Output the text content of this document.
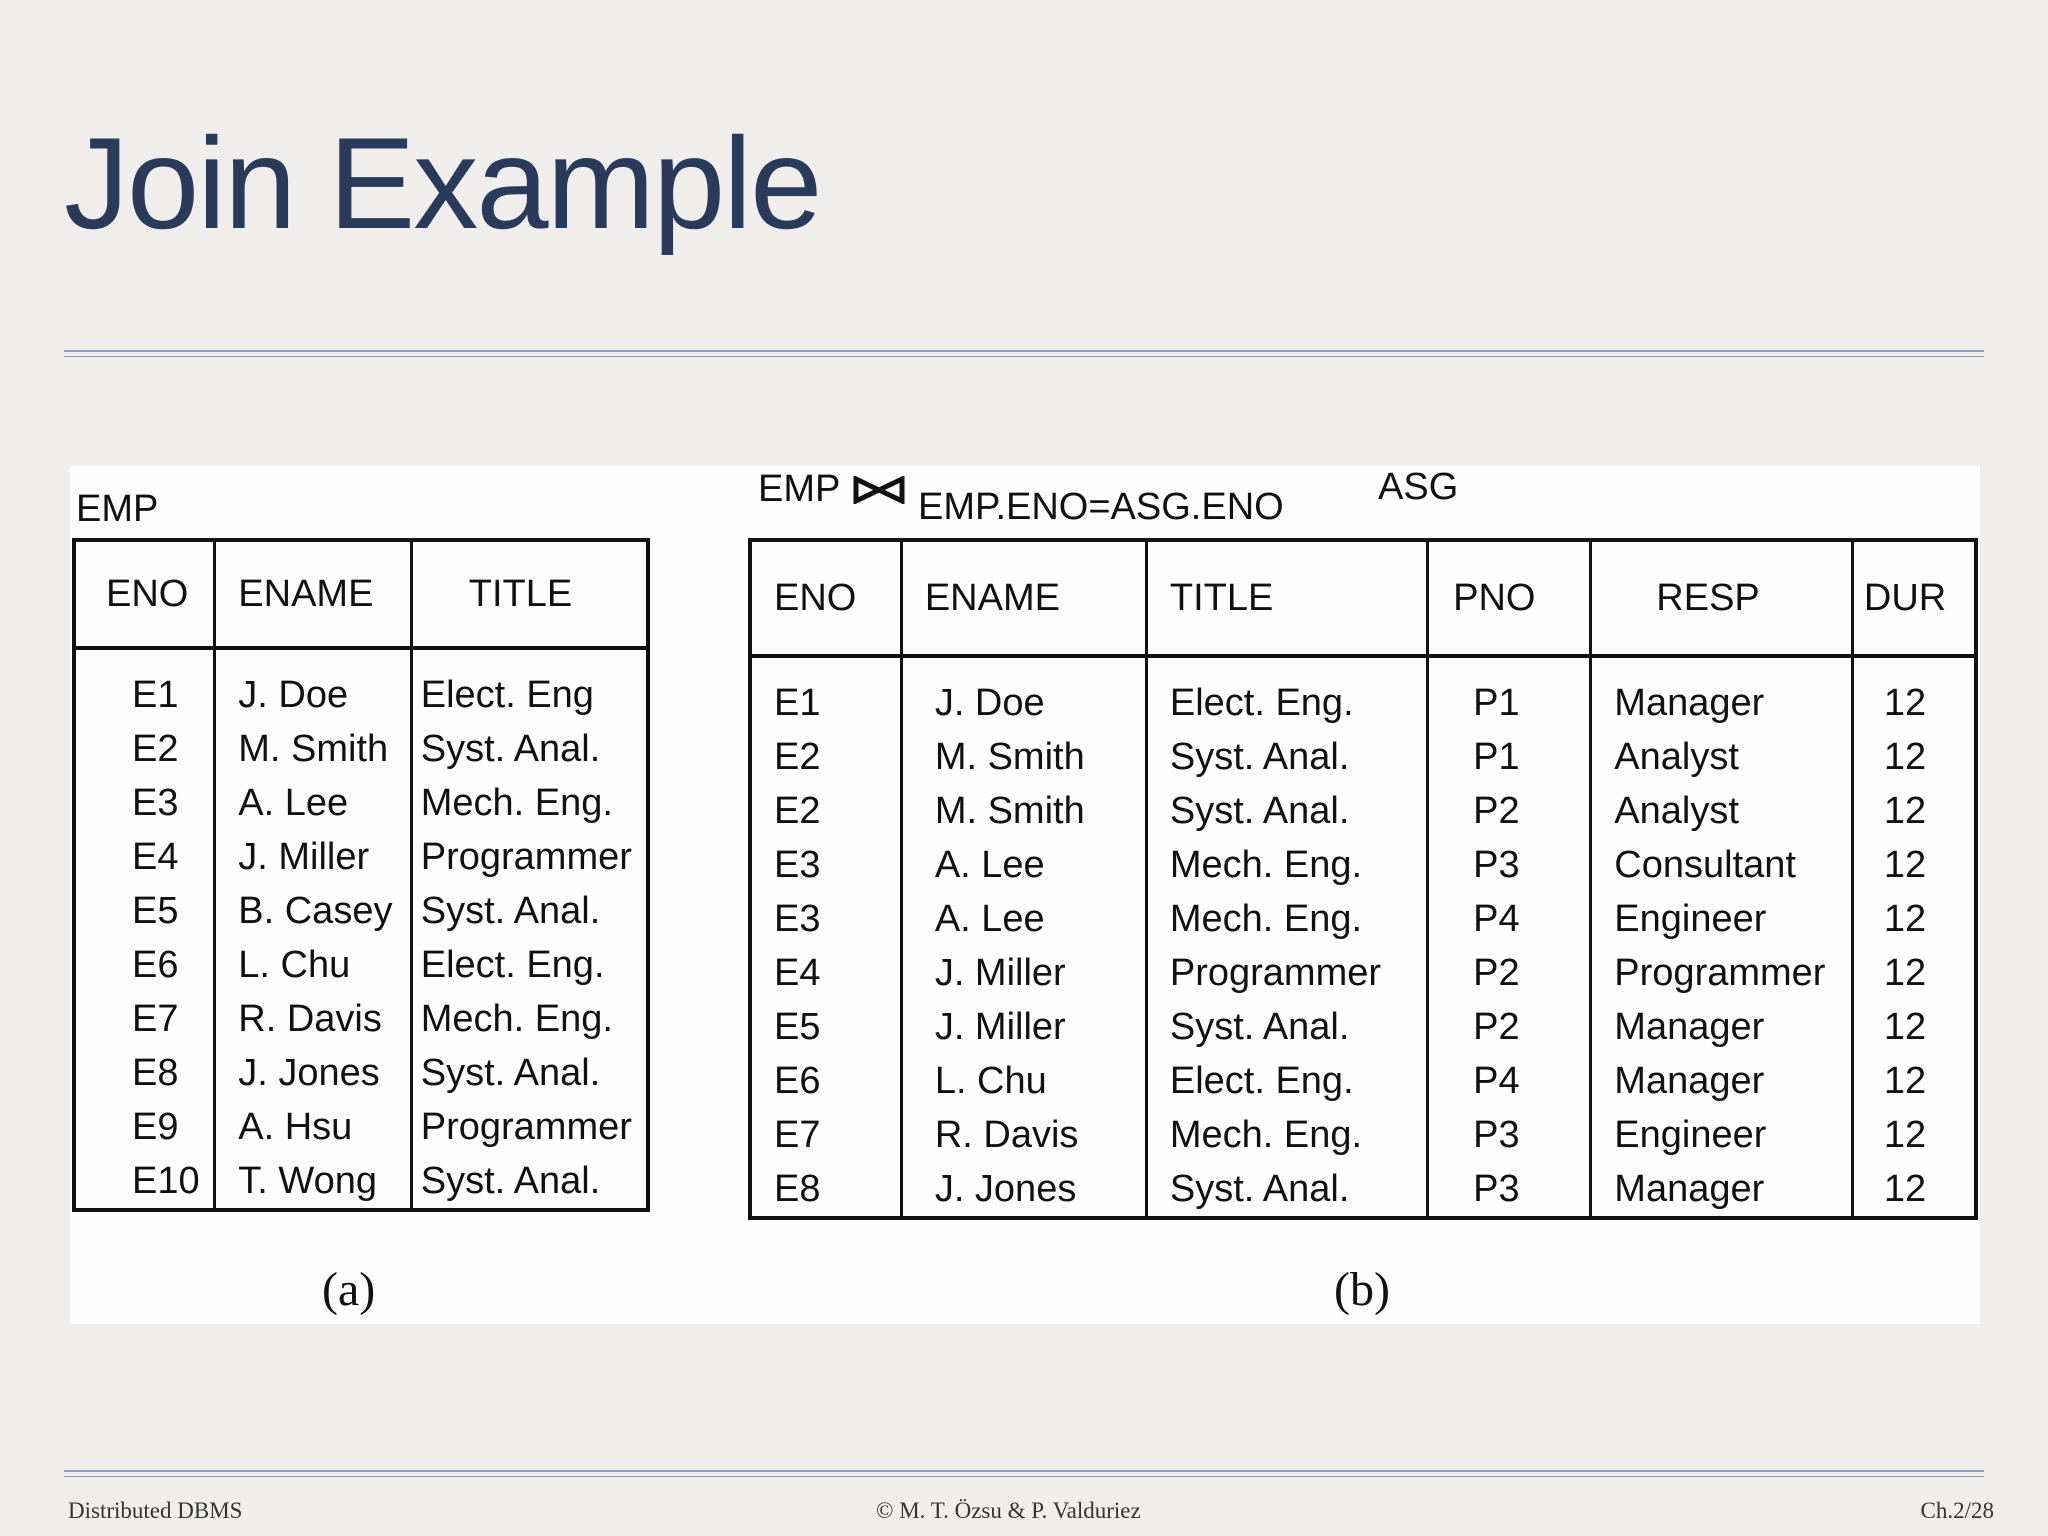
Join Example
EMP	EMP EMP.ENO=ASG.ENO ASG
ENO	ENAME	TITLE
E1	J. Doe	Elect. Eng
E2	M. Smith	Syst. Anal.
E3	A. Lee	Mech. Eng.
E4	J. Miller	Programmer
E5	B. Casey	Syst. Anal.
E6	L. Chu	Elect. Eng.
E7	R. Davis	Mech. Eng.
E8	J. Jones	Syst. Anal.
E9	A. Hsu	Programmer
E10	T. Wong	Syst. Anal.
ENO	ENAME	TITLE	PNO	RESP	DUR
E1	J. Doe	Elect. Eng.	P1	Manager	12
E2	M. Smith	Syst. Anal.	P1	Analyst	12
E2	M. Smith	Syst. Anal.	P2	Analyst	12
E3	A. Lee	Mech. Eng.	P3	Consultant	12
E3	A. Lee	Mech. Eng.	P4	Engineer	12
E4	J. Miller	Programmer	P2	Programmer	12
E5	J. Miller	Syst. Anal.	P2	Manager	12
E6	L. Chu	Elect. Eng.	P4	Manager	12
E7	R. Davis	Mech. Eng.	P3	Engineer	12
E8	J. Jones	Syst. Anal.	P3	Manager	12
(a)	(b)
Distributed DBMS	© M. T. Özsu & P. Valduriez	Ch.2/28
